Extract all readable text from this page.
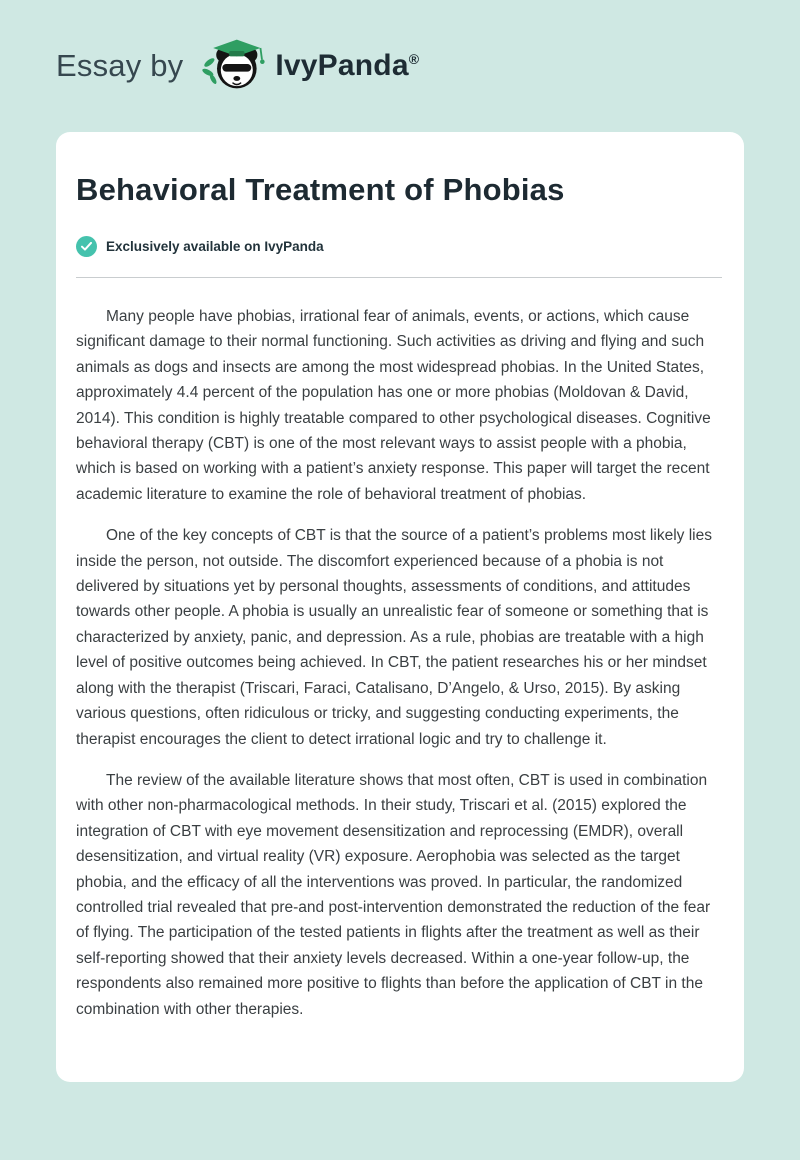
Essay by	IvyPanda®
Behavioral Treatment of Phobias
Exclusively available on IvyPanda

Many people have phobias, irrational fear of animals, events, or actions, which cause significant damage to their normal functioning. Such activities as driving and flying and such animals as dogs and insects are among the most widespread phobias. In the United States, approximately 4.4 percent of the population has one or more phobias (Moldovan & David, 2014). This condition is highly treatable compared to other psychological diseases. Cognitive behavioral therapy (CBT) is one of the most relevant ways to assist people with a phobia, which is based on working with a patient’s anxiety response. This paper will target the recent academic literature to examine the role of behavioral treatment of phobias.

One of the key concepts of CBT is that the source of a patient’s problems most likely lies inside the person, not outside. The discomfort experienced because of a phobia is not delivered by situations yet by personal thoughts, assessments of conditions, and attitudes towards other people. A phobia is usually an unrealistic fear of someone or something that is characterized by anxiety, panic, and depression. As a rule, phobias are treatable with a high level of positive outcomes being achieved. In CBT, the patient researches his or her mindset along with the therapist (Triscari, Faraci, Catalisano, D’Angelo, & Urso, 2015). By asking various questions, often ridiculous or tricky, and suggesting conducting experiments, the therapist encourages the client to detect irrational logic and try to challenge it.

The review of the available literature shows that most often, CBT is used in combination with other non-pharmacological methods. In their study, Triscari et al. (2015) explored the integration of CBT with eye movement desensitization and reprocessing (EMDR), overall desensitization, and virtual reality (VR) exposure. Aerophobia was selected as the target phobia, and the efficacy of all the interventions was proved. In particular, the randomized controlled trial revealed that pre-and post-intervention demonstrated the reduction of the fear of flying. The participation of the tested patients in flights after the treatment as well as their self-reporting showed that their anxiety levels decreased. Within a one-year follow-up, the respondents also remained more positive to flights than before the application of CBT in the combination with other therapies.
